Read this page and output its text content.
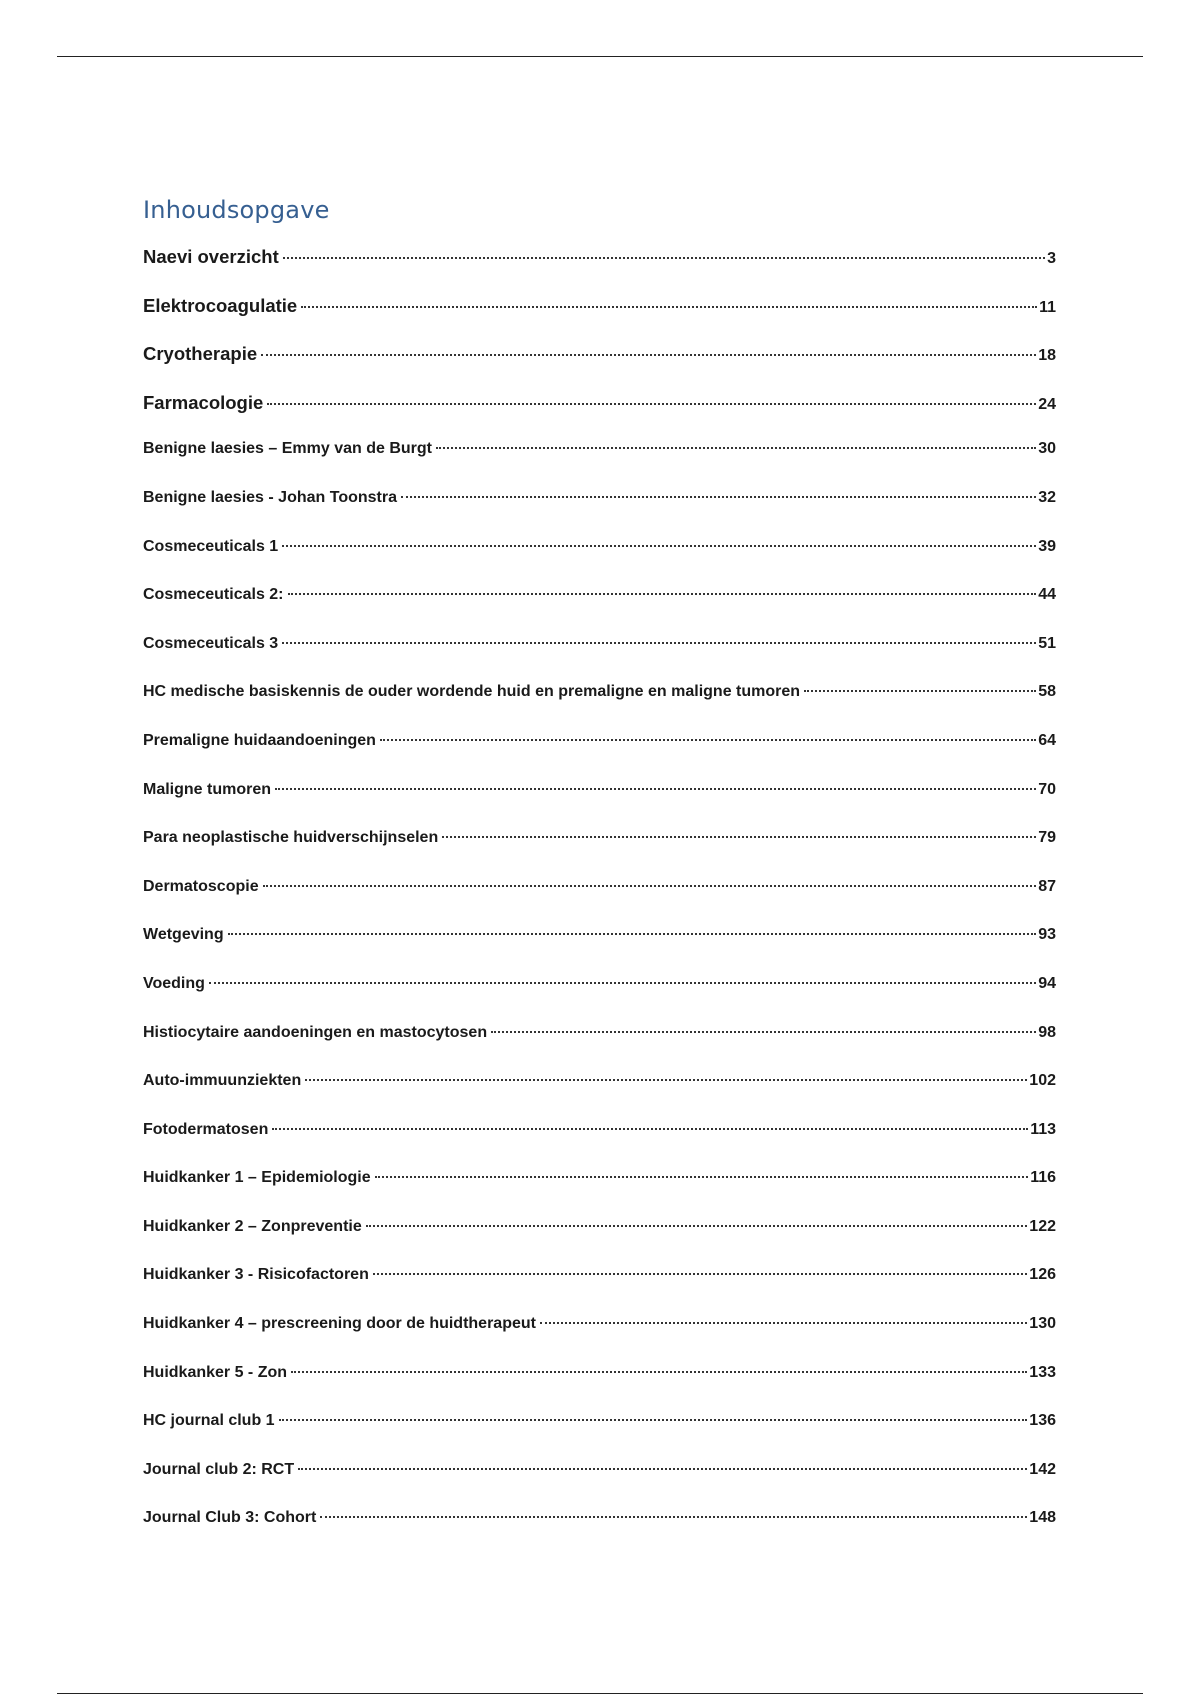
Inhoudsopgave
Naevi overzicht	3
Elektrocoagulatie	11
Cryotherapie	18
Farmacologie	24
Benigne laesies – Emmy van de Burgt	30
Benigne laesies - Johan Toonstra	32
Cosmeceuticals 1	39
Cosmeceuticals 2:	44
Cosmeceuticals 3	51
HC medische basiskennis de ouder wordende huid en premaligne en maligne tumoren	58
Premaligne huidaandoeningen	64
Maligne tumoren	70
Para neoplastische huidverschijnselen	79
Dermatoscopie	87
Wetgeving	93
Voeding	94
Histiocytaire aandoeningen en mastocytosen	98
Auto-immuunziekten	102
Fotodermatosen	113
Huidkanker 1 – Epidemiologie	116
Huidkanker 2 – Zonpreventie	122
Huidkanker 3 - Risicofactoren	126
Huidkanker 4 – prescreening door de huidtherapeut	130
Huidkanker 5 - Zon	133
HC journal club 1	136
Journal club 2: RCT	142
Journal Club 3: Cohort	148
